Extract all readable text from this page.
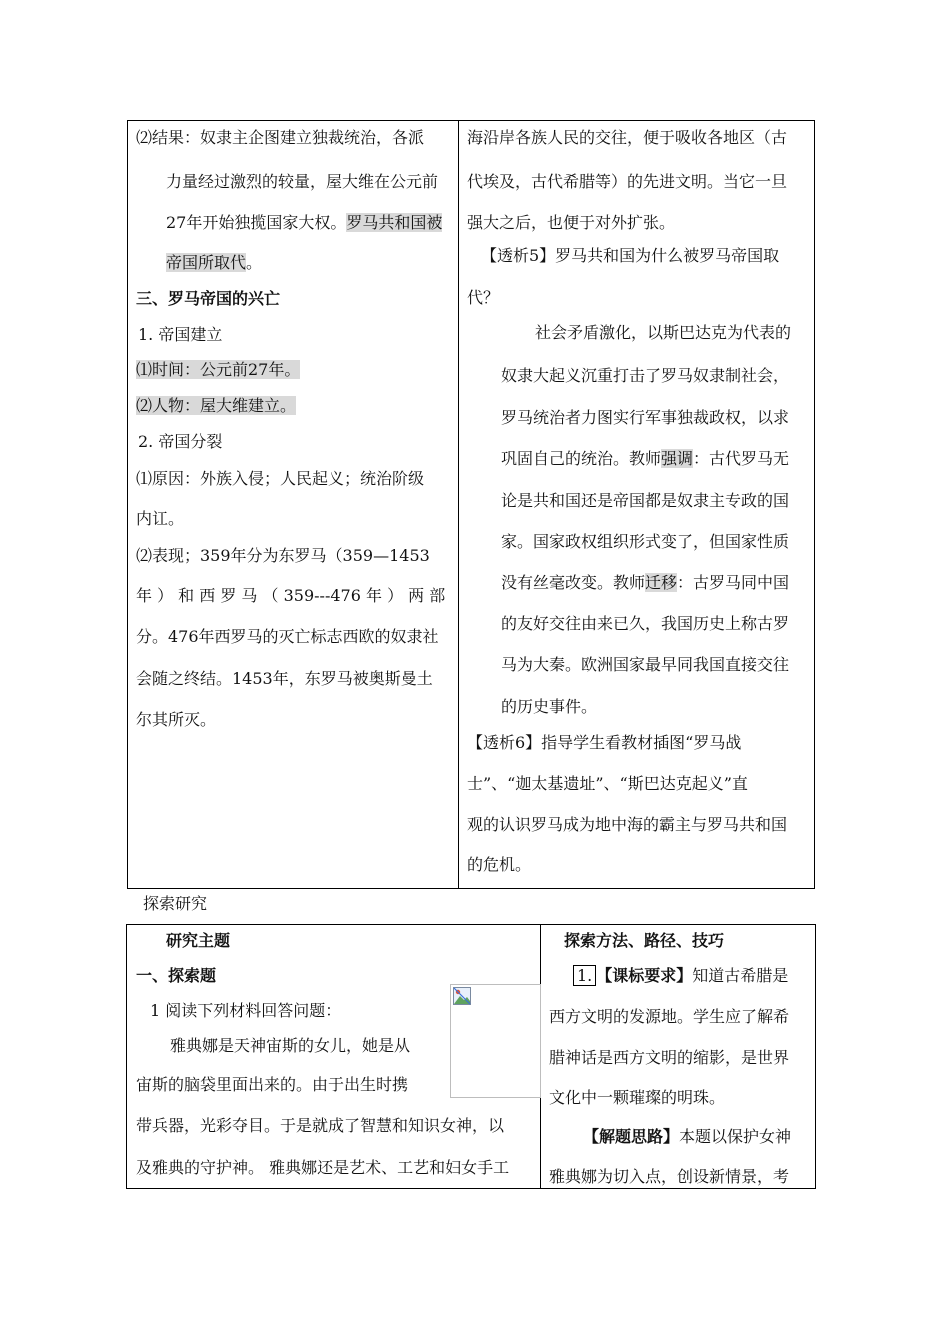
⑵结果：奴隶主企图建立独裁统治，各派
力量经过激烈的较量，屋大维在公元前
27年开始独揽国家大权。罗马共和国被
帝国所取代。
三、罗马帝国的兴亡
1. 帝国建立
⑴时间：公元前27年。
⑵人物：屋大维建立。
2. 帝国分裂
⑴原因：外族入侵；人民起义；统治阶级
内讧。
⑵表现；359年分为东罗马（359—1453
年 ） 和 西 罗 马 （ 359---476 年 ） 两 部
分。476年西罗马的灭亡标志西欧的奴隶社
会随之终结。1453年，东罗马被奥斯曼土
尔其所灭。
海沿岸各族人民的交往，便于吸收各地区（古
代埃及，古代希腊等）的先进文明。当它一旦
强大之后，也便于对外扩张。
【透析5】罗马共和国为什么被罗马帝国取
代？
社会矛盾激化，以斯巴达克为代表的
奴隶大起义沉重打击了罗马奴隶制社会，
罗马统治者力图实行军事独裁政权，以求
巩固自己的统治。教师强调：古代罗马无
论是共和国还是帝国都是奴隶主专政的国
家。国家政权组织形式变了，但国家性质
没有丝毫改变。教师迁移：古罗马同中国
的友好交往由来已久，我国历史上称古罗
马为大秦。欧洲国家最早同我国直接交往
的历史事件。
【透析6】指导学生看教材插图“罗马战
士”、“迦太基遗址”、“斯巴达克起义”直
观的认识罗马成为地中海的霸主与罗马共和国
的危机。
探索研究
研究主题
一、探索题
1 阅读下列材料回答问题：
雅典娜是天神宙斯的女儿，她是从
宙斯的脑袋里面出来的。由于出生时携
带兵器，光彩夺目。于是就成了智慧和知识女神，以
及雅典的守护神。 雅典娜还是艺术、工艺和妇女手工
探索方法、路径、技巧
1. 【课标要求】知道古希腊是
西方文明的发源地。学生应了解希
腊神话是西方文明的缩影，是世界
文化中一颗璀璨的明珠。
【解题思路】本题以保护女神
雅典娜为切入点，创设新情景，考
